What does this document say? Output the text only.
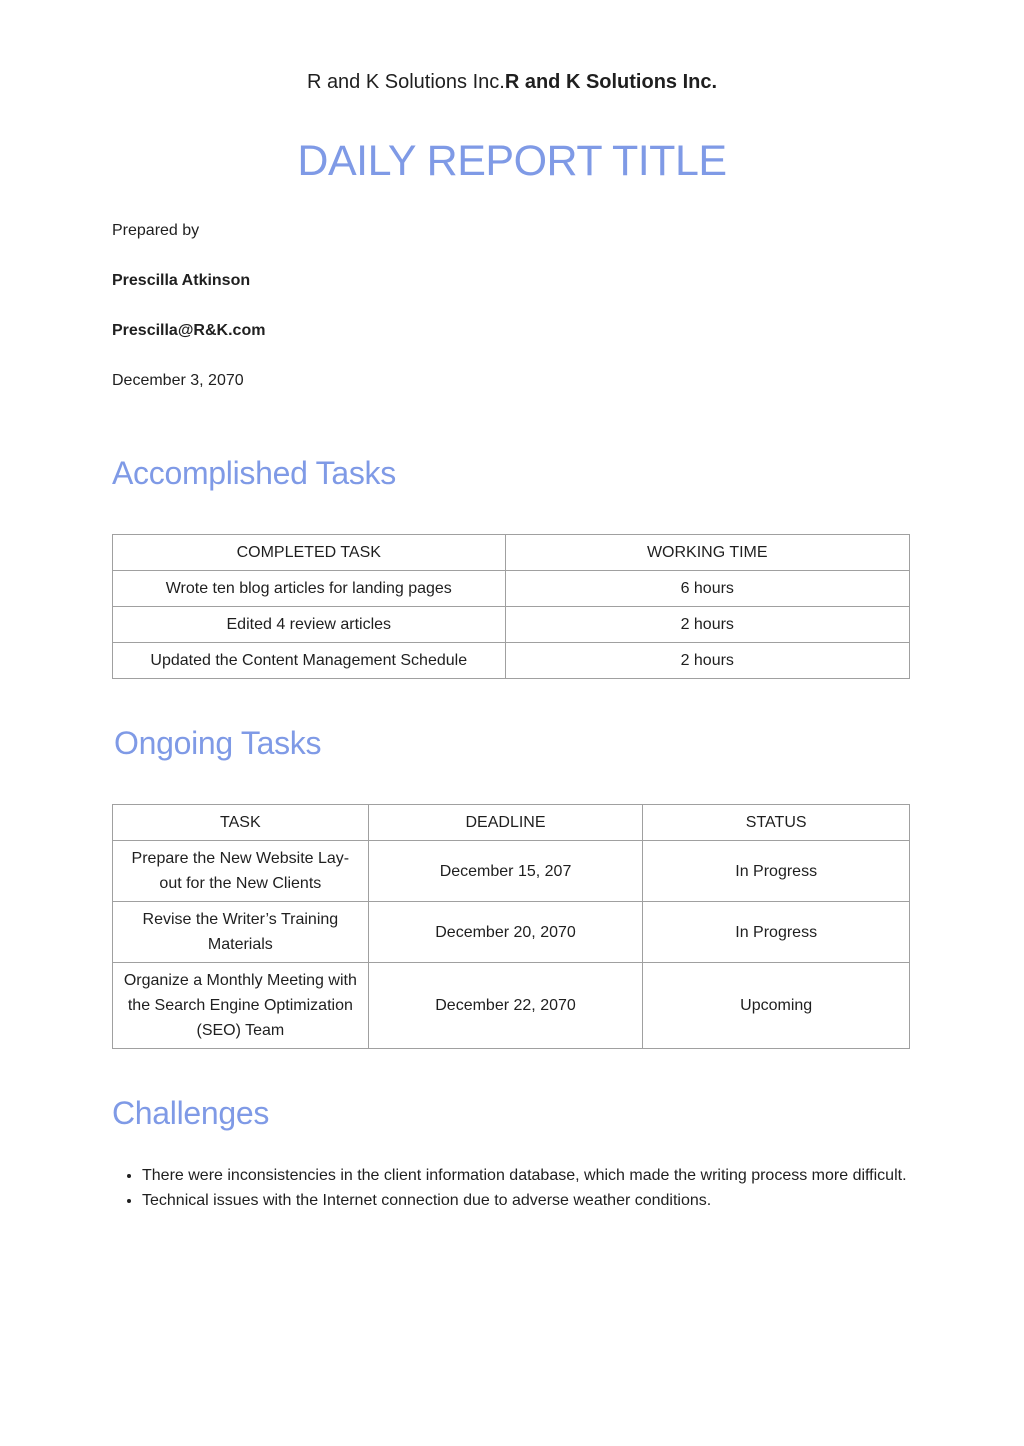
R and K Solutions Inc.R and K Solutions Inc.
DAILY REPORT TITLE
Prepared by
Prescilla Atkinson
Prescilla@R&K.com
December 3, 2070
Accomplished Tasks
COMPLETED TASK	WORKING TIME
Wrote ten blog articles for landing pages	6 hours
Edited 4 review articles	2 hours
Updated the Content Management Schedule	2 hours
Ongoing Tasks
TASK	DEADLINE	STATUS
Prepare the New Website Lay-out for the New Clients	December 15, 207	In Progress
Revise the Writer’s Training Materials	December 20, 2070	In Progress
Organize a Monthly Meeting with the Search Engine Optimization (SEO) Team	December 22, 2070	Upcoming
Challenges
• There were inconsistencies in the client information database, which made the writing process more difficult.
• Technical issues with the Internet connection due to adverse weather conditions.
